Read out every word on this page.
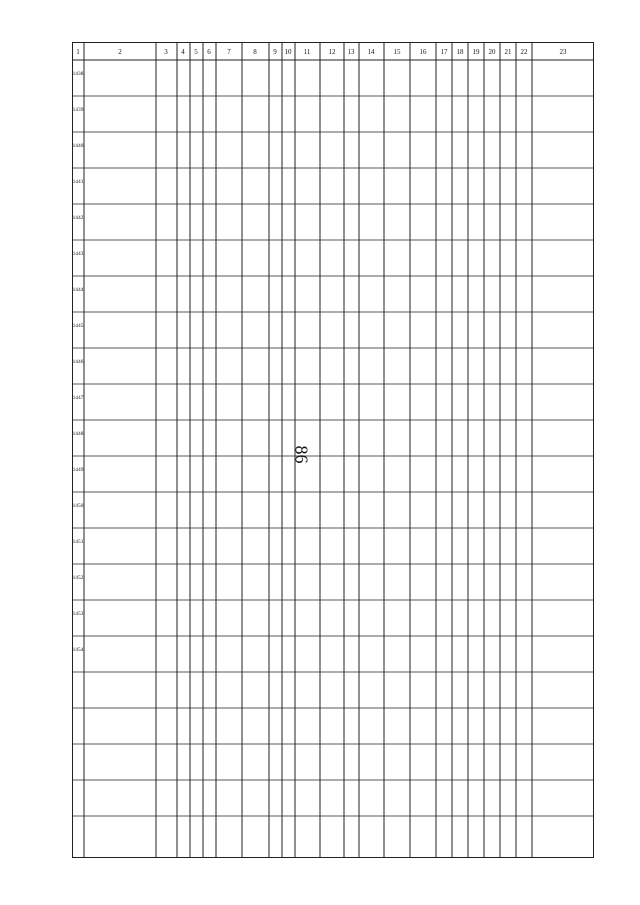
86
1	2	3 4 5 6 7	8 9 10 11	12 13 14	15	16 17 18 19 20 21 22	23
1438
1439
1440
1441
1442
1443
1444
1445
1446
1447
1448
1449
1450
1451
1452
1453
1454
